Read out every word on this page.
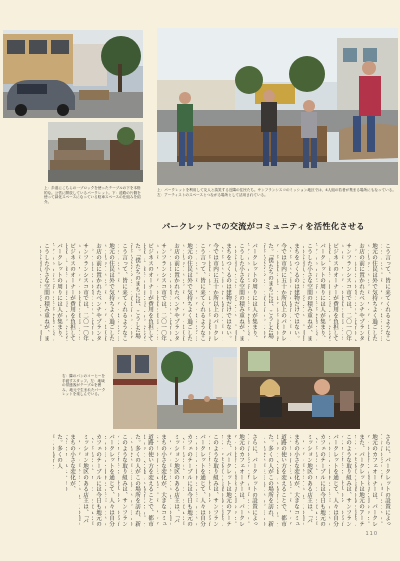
上：歩道にこちらの一ブロックを使ったテーブルの下を本格的な。公営に開放しているパークレット。下：道路の片側を使って緑化スペースになっている駐車スペースの仕組みを紹介。
上：パークレットを利用して友人と談笑する近隣の住民たち。サンフランシスコのミッション地区では、4人組の若者が集まる場所にもなっている。左：アーティストのスペースとつながる場所として活用されている。
パークレットでの交流がコミュニティを活性化させる
こう言って、皆に来てくれるようなこ
地元の住民は外で気持ちよく過ごした
お店の前に置かれたベンチやプランタ
サンフランシスコ市では、二〇一〇年
ビジネスのオーナーが費用を負担して
パークレットの周りには人が集まり、
こうした小さな空間の積み重ねが、ま
まちをつくるのは建物だけではない。
今では市内に五十か所以上のパークレ
た。「僕たちのまちには、こうした場
パークレットの周りには人が集まり、
こうした小さな空間の積み重ねが、ま
まちをつくるのは建物だけではない。
今では市内に五十か所以上のパークレ
こう言って、皆に来てくれるようなこ
地元の住民は外で気持ちよく過ごした
お店の前に置かれたベンチやプランタ
サンフランシスコ市では、二〇一〇年
ビジネスのオーナーが費用を負担して
た。「僕たちのまちには、こうした場
こう言って、皆に来てくれるようなこ
地元の住民は外で気持ちよく過ごした
お店の前に置かれたベンチやプランタ
サンフランシスコ市では、二〇一〇年
ビジネスのオーナーが費用を負担して
パークレットの周りには人が集まり、
こうした小さな空間の積み重ねが、ま
右：隣のパンのコーヒーを手渡すスタッフ。左：地域の常連客がテーブルを囲み、地元で生まれたパークレットを楽しんでいる。
さらに、パークレットの設置によっ
地元のカフェオーナーは、パークレ
また、パークレットは地元のアーテ
このような取り組みは、サンフラン
パークレットを通じて、人々は自分
カフェのテーブルには今日も地元の
ミッション地区のある店主は、「パ
まちの小さな変化が、大きなコミュ
道路の使い方を変えることで、都市
た。多くの人がこの場所を訪れ、新
さらに、パークレットの設置によっ
地元のカフェオーナーは、パークレ
また、パークレットは地元のアーテ
このような取り組みは、サンフラン
パークレットを通じて、人々は自分
カフェのテーブルには今日も地元の
ミッション地区のある店主は、「パ
まちの小さな変化が、大きなコミュ
道路の使い方を変えることで、都市
た。多くの人がこの場所を訪れ、新
このような取り組みは、サンフラン
パークレットを通じて、人々は自分
カフェのテーブルには今日も地元の
ミッション地区のある店主は、「パ
まちの小さな変化が、
た。多くの人
110
